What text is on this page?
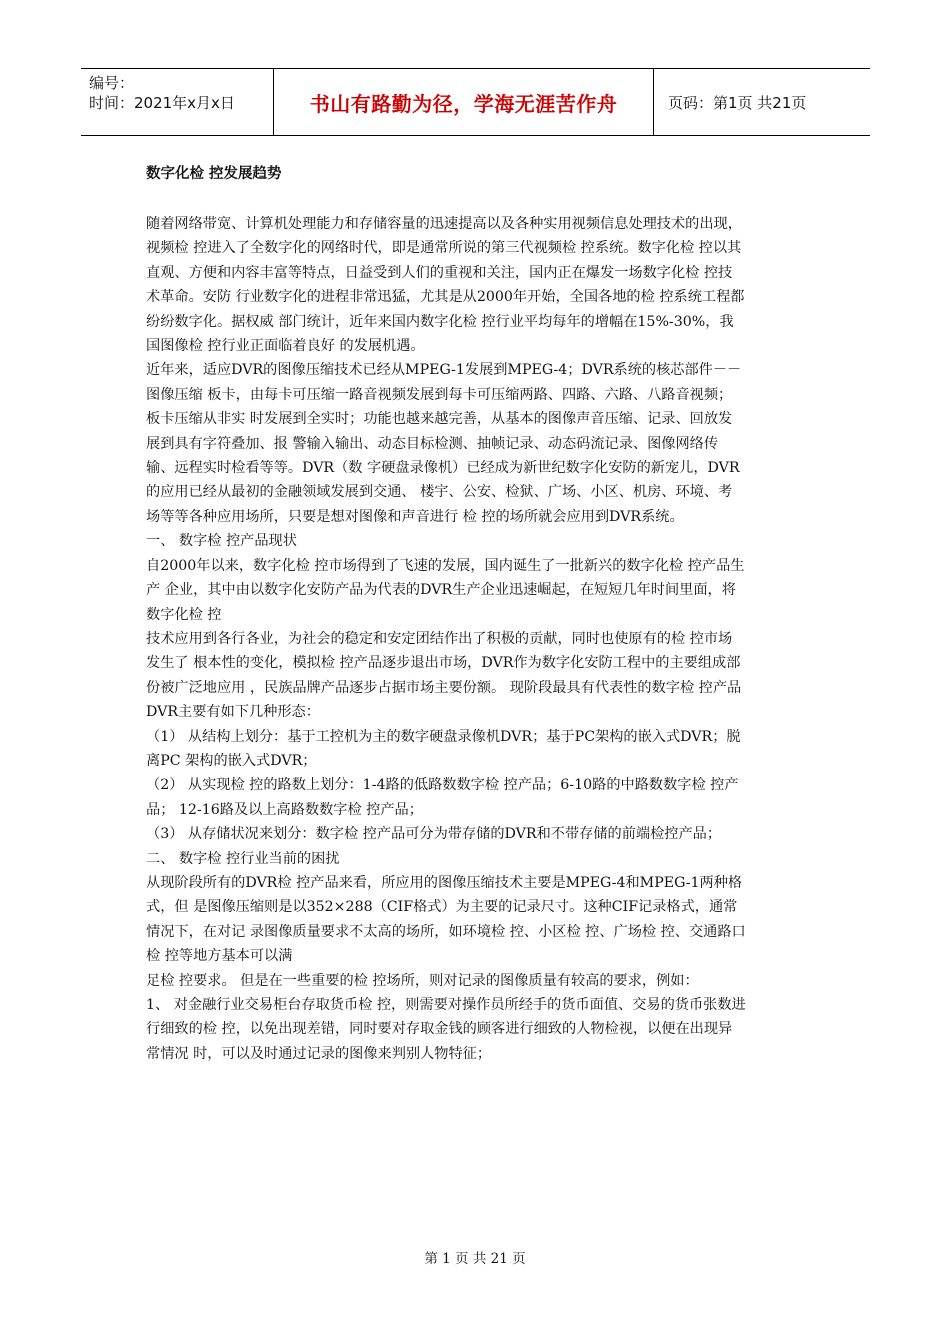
编号：
时间：2021年x月x日	书山有路勤为径，学海无涯苦作舟	页码：第1页 共21页
数字化检 控发展趋势

随着网络带宽、计算机处理能力和存储容量的迅速提高以及各种实用视频信息处理技术的出现，

视频检 控进入了全数字化的网络时代，即是通常所说的第三代视频检 控系统。数字化检 控以其直观、方便和内容丰富等特点，日益受到人们的重视和关注，国内正在爆发一场数字化检 控技术革命。安防 行业数字化的进程非常迅猛，尤其是从2000年开始，全国各地的检 控系统工程都纷纷数字化。据权威 部门统计，近年来国内数字化检 控行业平均每年的增幅在15%-30%，我国图像检 控行业正面临着良好 的发展机遇。

近年来，适应DVR的图像压缩技术已经从MPEG-1发展到MPEG-4；DVR系统的核芯部件－－图像压缩 板卡，由每卡可压缩一路音视频发展到每卡可压缩两路、四路、六路、八路音视频；板卡压缩从非实 时发展到全实时；功能也越来越完善，从基本的图像声音压缩、记录、回放发展到具有字符叠加、报 警输入输出、动态目标检测、抽帧记录、动态码流记录、图像网络传输、远程实时检看等等。DVR（数 字硬盘录像机）已经成为新世纪数字化安防的新宠儿，DVR的应用已经从最初的金融领域发展到交通、 楼宇、公安、检狱、广场、小区、机房、环境、考场等等各种应用场所，只要是想对图像和声音进行 检 控的场所就会应用到DVR系统。

一、 数字检 控产品现状

自2000年以来，数字化检 控市场得到了飞速的发展，国内诞生了一批新兴的数字化检 控产品生产 企业，其中由以数字化安防产品为代表的DVR生产企业迅速崛起，在短短几年时间里面，将数字化检 控

技术应用到各行各业，为社会的稳定和安定团结作出了积极的贡献，同时也使原有的检 控市场发生了 根本性的变化，模拟检 控产品逐步退出市场，DVR作为数字化安防工程中的主要组成部份被广泛地应用 ，民族品牌产品逐步占据市场主要份额。 现阶段最具有代表性的数字检 控产品DVR主要有如下几种形态：

（1） 从结构上划分：基于工控机为主的数字硬盘录像机DVR；基于PC架构的嵌入式DVR；脱离PC 架构的嵌入式DVR；

（2） 从实现检 控的路数上划分：1-4路的低路数数字检 控产品；6-10路的中路数数字检 控产品； 12-16路及以上高路数数字检 控产品；

（3） 从存储状况来划分：数字检 控产品可分为带存储的DVR和不带存储的前端检控产品；

二、 数字检 控行业当前的困扰

从现阶段所有的DVR检 控产品来看，所应用的图像压缩技术主要是MPEG-4和MPEG-1两种格式，但 是图像压缩则是以352×288（CIF格式）为主要的记录尺寸。这种CIF记录格式，通常情况下，在对记 录图像质量要求不太高的场所，如环境检 控、小区检 控、广场检 控、交通路口检 控等地方基本可以满

足检 控要求。 但是在一些重要的检 控场所，则对记录的图像质量有较高的要求，例如：

1、 对金融行业交易柜台存取货币检 控，则需要对操作员所经手的货币面值、交易的货币张数进 行细致的检 控，以免出现差错，同时要对存取金钱的顾客进行细致的人物检视，以便在出现异常情况 时，可以及时通过记录的图像来判别人物特征；

第 1 页 共 21 页
